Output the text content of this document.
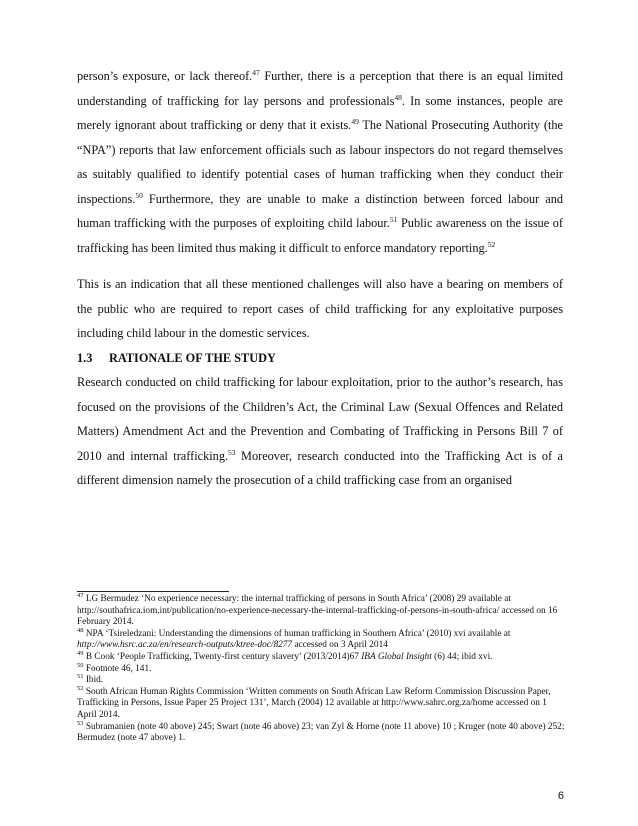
person’s exposure, or lack thereof.$^{47}$ Further, there is a perception that there is an equal limited understanding of trafficking for lay persons and professionals$^{48}$. In some instances, people are merely ignorant about trafficking or deny that it exists.$^{49}$ The National Prosecuting Authority (the “NPA”) reports that law enforcement officials such as labour inspectors do not regard themselves as suitably qualified to identify potential cases of human trafficking when they conduct their inspections.$^{50}$ Furthermore, they are unable to make a distinction between forced labour and human trafficking with the purposes of exploiting child labour.$^{51}$ Public awareness on the issue of trafficking has been limited thus making it difficult to enforce mandatory reporting.$^{52}$

This is an indication that all these mentioned challenges will also have a bearing on members of the public who are required to report cases of child trafficking for any exploitative purposes including child labour in the domestic services.

1.3 RATIONALE OF THE STUDY

Research conducted on child trafficking for labour exploitation, prior to the author’s research, has focused on the provisions of the Children’s Act, the Criminal Law (Sexual Offences and Related Matters) Amendment Act and the Prevention and Combating of Trafficking in Persons Bill 7 of 2010 and internal trafficking.$^{53}$ Moreover, research conducted into the Trafficking Act is of a different dimension namely the prosecution of a child trafficking case from an organised

$^{47}$ LG Bermudez ‘No experience necessary: the internal trafficking of persons in South Africa’ (2008) 29 available at http://southafrica.iom.int/publication/no-experience-necessary-the-internal-trafficking-of-persons-in-south-africa/ accessed on 16 February 2014.

$^{48}$ NPA ‘Tsireledzani: Understanding the dimensions of human trafficking in Southern Africa’ (2010) xvi available at http://www.hsrc.ac.za/en/research-outputs/ktree-doc/8277 accessed on 3 April 2014

$^{49}$ B Cook ‘People Trafficking, Twenty-first century slavery’ (2013/2014)67 IBA Global Insight (6) 44; ibid xvi.

$^{50}$ Footnote 46, 141.

$^{51}$ Ibid.

$^{52}$ South African Human Rights Commission ‘Written comments on South African Law Reform Commission Discussion Paper, Trafficking in Persons, Issue Paper 25 Project 131’, March (2004) 12 available at http://www.sahrc.org.za/home accessed on 1 April 2014.

$^{53}$ Subramanien (note 40 above) 245; Swart (note 46 above) 23; van Zyl & Horne (note 11 above) 10 ; Kruger (note 40 above) 252; Bermudez (note 47 above) 1.

6
